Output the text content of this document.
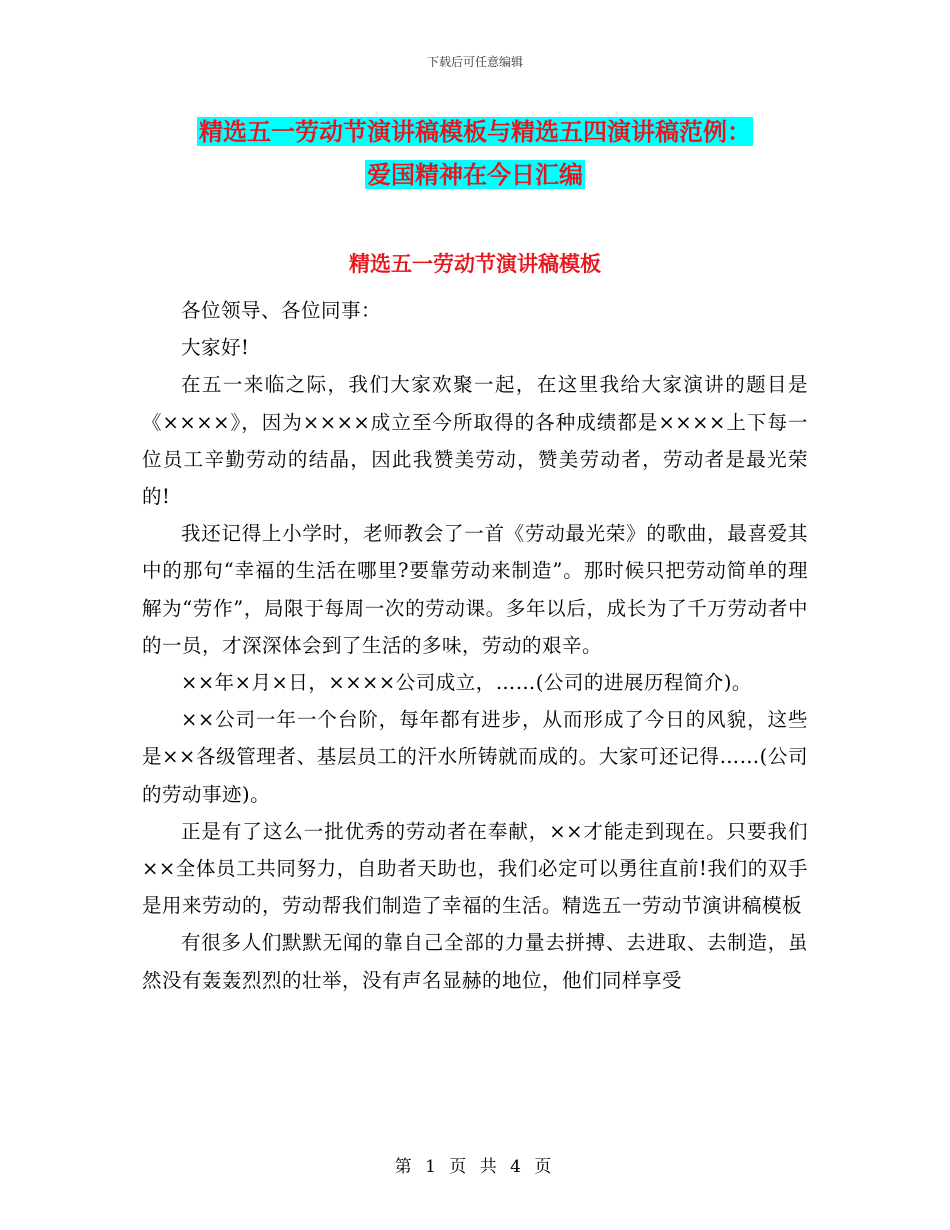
下载后可任意编辑
精选五一劳动节演讲稿模板与精选五四演讲稿范例：
爱国精神在今日汇编
精选五一劳动节演讲稿模板

各位领导、各位同事：

大家好!

在五一来临之际，我们大家欢聚一起，在这里我给大家演讲的题目是《××××》，因为××××成立至今所取得的各种成绩都是××××上下每一位员工辛勤劳动的结晶，因此我赞美劳动，赞美劳动者，劳动者是最光荣的!

我还记得上小学时，老师教会了一首《劳动最光荣》的歌曲，最喜爱其中的那句“幸福的生活在哪里?要靠劳动来制造”。那时候只把劳动简单的理解为“劳作”，局限于每周一次的劳动课。多年以后，成长为了千万劳动者中的一员，才深深体会到了生活的多味，劳动的艰辛。

××年×月×日，××××公司成立，……(公司的进展历程简介)。

××公司一年一个台阶，每年都有进步，从而形成了今日的风貌，这些是××各级管理者、基层员工的汗水所铸就而成的。大家可还记得……(公司的劳动事迹)。

正是有了这么一批优秀的劳动者在奉献，××才能走到现在。只要我们××全体员工共同努力，自助者天助也，我们必定可以勇往直前!我们的双手是用来劳动的，劳动帮我们制造了幸福的生活。精选五一劳动节演讲稿模板

有很多人们默默无闻的靠自己全部的力量去拼搏、去进取、去制造，虽然没有轰轰烈烈的壮举，没有声名显赫的地位，他们同样享受

第 1 页 共 4 页
